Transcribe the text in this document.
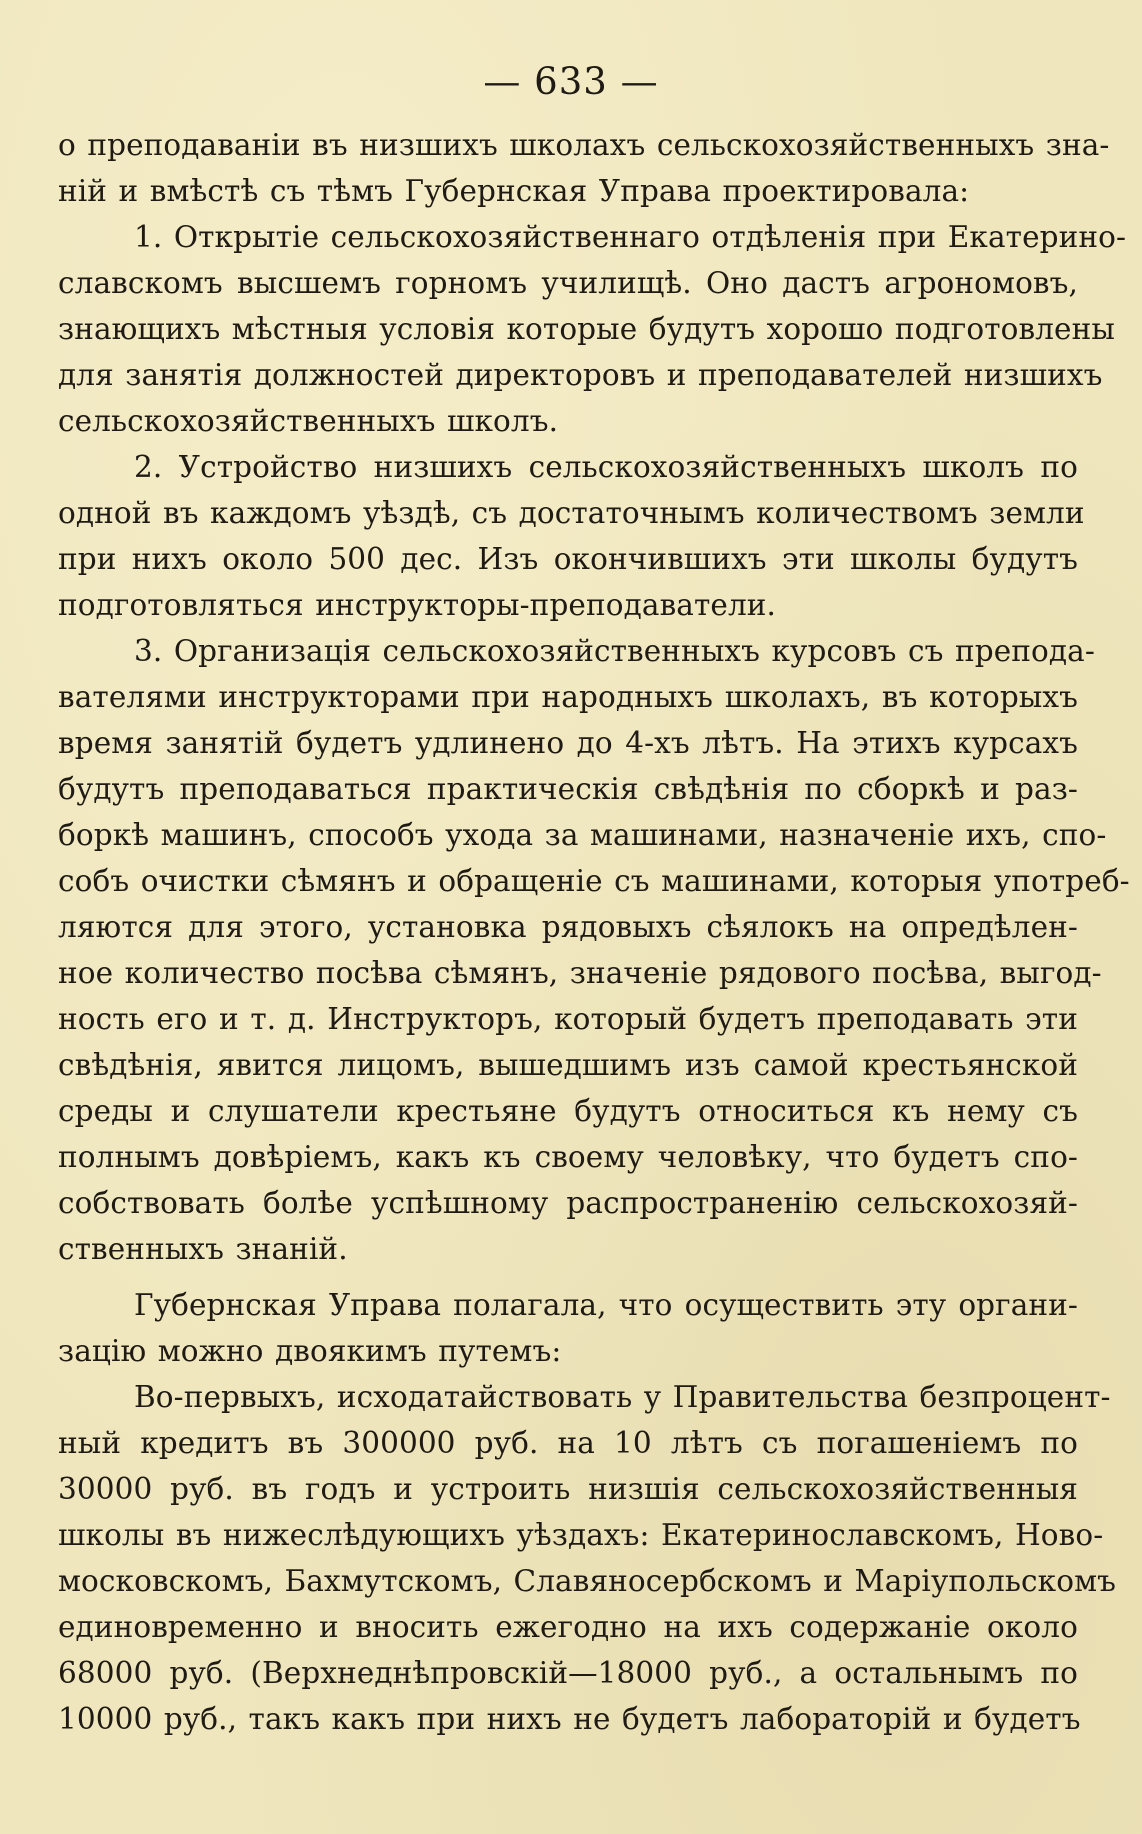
— 633 —
о преподаванiи въ низшихъ школахъ сельскохозяйственныхъ зна-
нiй и вмѣстѣ съ тѣмъ Губернская Управа проектировала:
1. Открытiе сельскохозяйственнаго отдѣленiя при Екатерино-
славскомъ высшемъ горномъ училищѣ. Оно дастъ агрономовъ,
знающихъ мѣстныя условiя которые будутъ хорошо подготовлены
для занятiя должностей директоровъ и преподавателей низшихъ
сельскохозяйственныхъ школъ.
2. Устройство низшихъ сельскохозяйственныхъ школъ по
одной въ каждомъ уѣздѣ, съ достаточнымъ количествомъ земли
при нихъ около 500 дес. Изъ окончившихъ эти школы будутъ
подготовляться инструкторы-преподаватели.
3. Организацiя сельскохозяйственныхъ курсовъ съ препода-
вателями инструкторами при народныхъ школахъ, въ которыхъ
время занятiй будетъ удлинено до 4-хъ лѣтъ. На этихъ курсахъ
будутъ преподаваться практическiя свѣдѣнiя по сборкѣ и раз-
боркѣ машинъ, способъ ухода за машинами, назначенiе ихъ, спо-
собъ очистки сѣмянъ и обращенiе съ машинами, которыя употреб-
ляются для этого, установка рядовыхъ сѣялокъ на опредѣлен-
ное количество посѣва сѣмянъ, значенiе рядового посѣва, выгод-
ность его и т. д. Инструкторъ, который будетъ преподавать эти
свѣдѣнiя, явится лицомъ, вышедшимъ изъ самой крестьянской
среды и слушатели крестьяне будутъ относиться къ нему съ
полнымъ довѣрiемъ, какъ къ своему человѣку, что будетъ спо-
собствовать болѣе успѣшному распространенiю сельскохозяй-
ственныхъ знанiй.
Губернская Управа полагала, что осуществить эту органи-
зацiю можно двоякимъ путемъ:
Во-первыхъ, исходатайствовать у Правительства безпроцент-
ный кредитъ въ 300000 руб. на 10 лѣтъ съ погашенiемъ по
30000 руб. въ годъ и устроить низшiя сельскохозяйственныя
школы въ нижеслѣдующихъ уѣздахъ: Екатеринославскомъ, Ново-
московскомъ, Бахмутскомъ, Славяносербскомъ и Марiупольскомъ
единовременно и вносить ежегодно на ихъ содержанiе около
68000 руб. (Верхнеднѣпровскiй—18000 руб., а остальнымъ по
10000 руб., такъ какъ при нихъ не будетъ лабораторiй и будетъ
